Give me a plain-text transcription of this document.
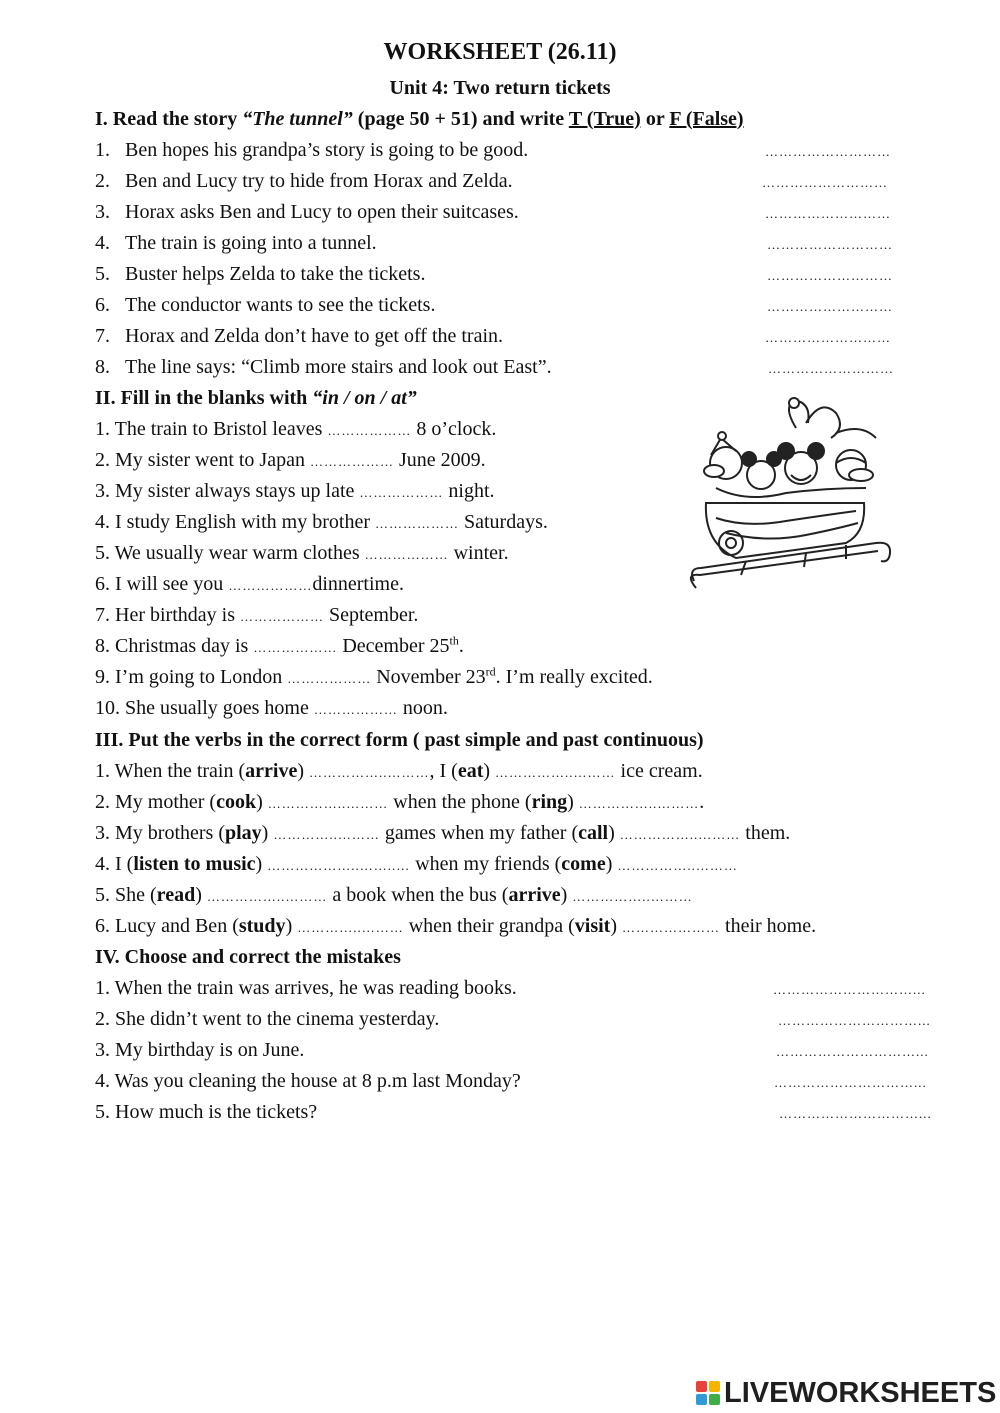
WORKSHEET (26.11)
Unit 4: Two return tickets
I. Read the story “The tunnel” (page 50 + 51) and write T (True) or F (False)
1. Ben hopes his grandpa’s story is going to be good.	………………………
2. Ben and Lucy try to hide from Horax and Zelda.	………………………
3. Horax asks Ben and Lucy to open their suitcases.	………………………
4. The train is going into a tunnel.	………………………
5. Buster helps Zelda to take the tickets.	………………………
6. The conductor wants to see the tickets.	………………………
7. Horax and Zelda don’t have to get off the train.	………………………
8. The line says: “Climb more stairs and look out East”.	………………………
II. Fill in the blanks with “in / on / at”
1. The train to Bristol leaves ……………… 8 o’clock.
2. My sister went to Japan ……………… June 2009.
3. My sister always stays up late ……………… night.
4. I study English with my brother ……………… Saturdays.
5. We usually wear warm clothes ……………… winter.
6. I will see you ………………dinnertime.
7. Her birthday is ……………… September.
8. Christmas day is ……………… December 25th.
9. I’m going to London ……………… November 23rd. I’m really excited.
10. She usually goes home ……………… noon.
III. Put the verbs in the correct form ( past simple and past continuous)
1. When the train (arrive) ……………..………, I (eat) ……………..……… ice cream.
2. My mother (cook) ……………..……… when the phone (ring) ……………..……….
3. My brothers (play) …………..……… games when my father (call) ……………..……… them.
4. I (listen to music) ………………..……..… when my friends (come) ……………..………
5. She (read) ……………..……… a book when the bus (arrive) ……………..………
6. Lucy and Ben (study) …………..……… when their grandpa (visit) ………………… their home.
IV. Choose and correct the mistakes
1. When the train was arrives, he was reading books.	…………………………...
2. She didn’t went to the cinema yesterday.	…………………………...
3. My birthday is on June.	…………………………...
4. Was you cleaning the house at 8 p.m last Monday?	…………………………...
5. How much is the tickets?	…………………………...
LIVEWORKSHEETS
